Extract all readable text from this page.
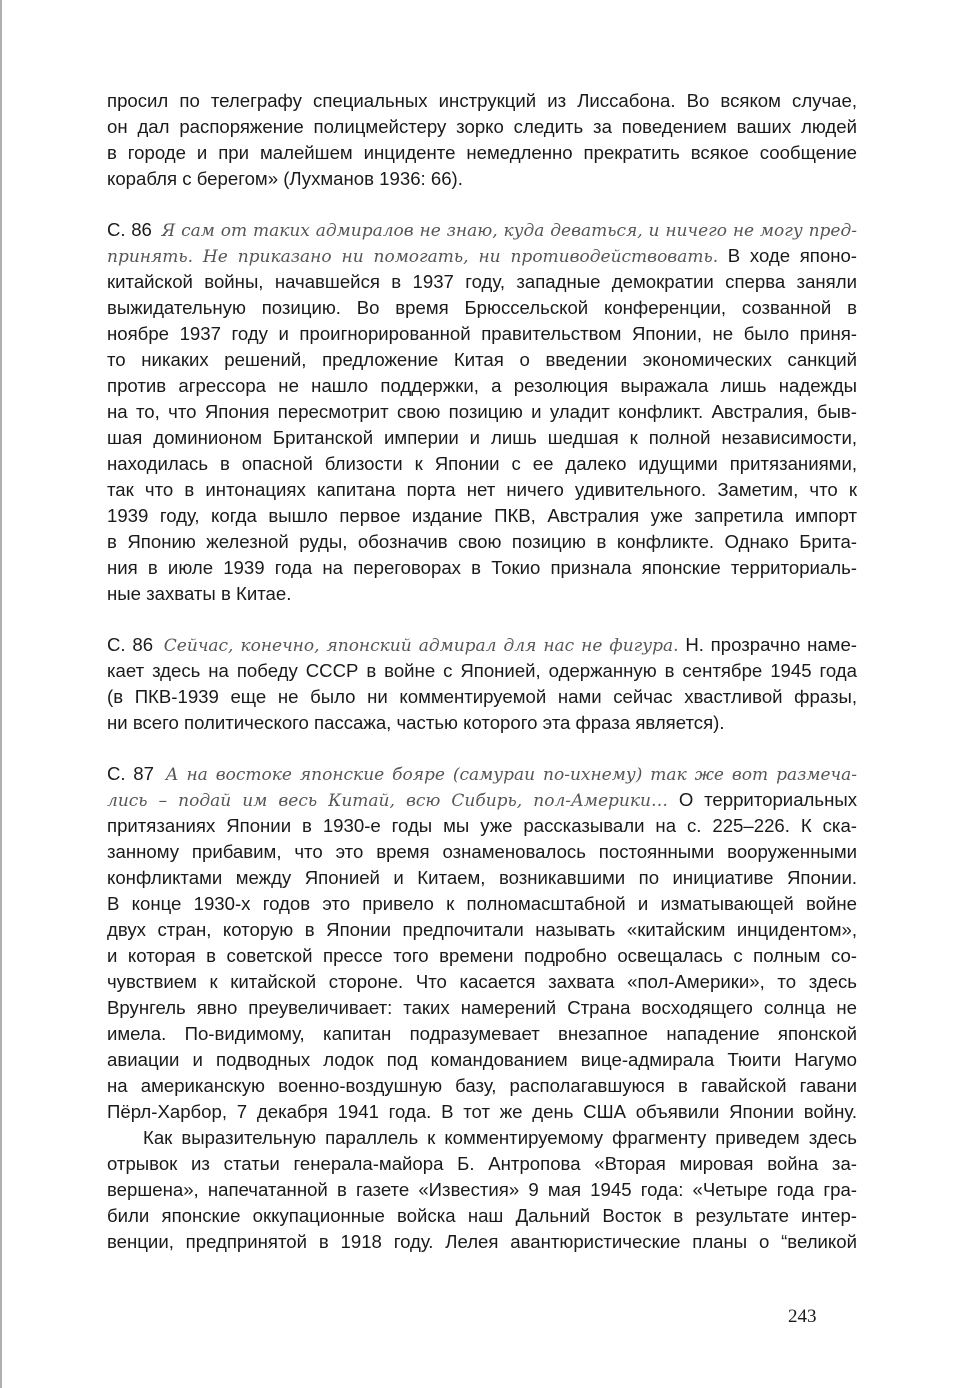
просил по телеграфу специальных инструкций из Лиссабона. Во всяком случае,
он дал распоряжение полицмейстеру зорко следить за поведением ваших людей
в городе и при малейшем инциденте немедленно прекратить всякое сообщение
корабля с берегом» (Лухманов 1936: 66).
С. 86 Я сам от таких адмиралов не знаю, куда деваться, и ничего не могу пред-
принять. Не приказано ни помогать, ни противодействовать. В ходе японо-
китайской войны, начавшейся в 1937 году, западные демократии сперва заняли
выжидательную позицию. Во время Брюссельской конференции, созванной в
ноябре 1937 году и проигнорированной правительством Японии, не было приня-
то никаких решений, предложение Китая о введении экономических санкций
против агрессора не нашло поддержки, а резолюция выражала лишь надежды
на то, что Япония пересмотрит свою позицию и уладит конфликт. Австралия, быв-
шая доминионом Британской империи и лишь шедшая к полной независимости,
находилась в опасной близости к Японии с ее далеко идущими притязаниями,
так что в интонациях капитана порта нет ничего удивительного. Заметим, что к
1939 году, когда вышло первое издание ПКВ, Австралия уже запретила импорт
в Японию железной руды, обозначив свою позицию в конфликте. Однако Брита-
ния в июле 1939 года на переговорах в Токио признала японские территориаль-
ные захваты в Китае.
С. 86 Сейчас, конечно, японский адмирал для нас не фигура. Н. прозрачно наме-
кает здесь на победу СССР в войне с Японией, одержанную в сентябре 1945 года
(в ПКВ-1939 еще не было ни комментируемой нами сейчас хвастливой фразы,
ни всего политического пассажа, частью которого эта фраза является).
С. 87 А на востоке японские бояре (самураи по-ихнему) так же вот размеча-
лись – подай им весь Китай, всю Сибирь, пол-Америки… О территориальных
притязаниях Японии в 1930-е годы мы уже рассказывали на с. 225–226. К ска-
занному прибавим, что это время ознаменовалось постоянными вооруженными
конфликтами между Японией и Китаем, возникавшими по инициативе Японии.
В конце 1930-х годов это привело к полномасштабной и изматывающей войне
двух стран, которую в Японии предпочитали называть «китайским инцидентом»,
и которая в советской прессе того времени подробно освещалась с полным со-
чувствием к китайской стороне. Что касается захвата «пол-Америки», то здесь
Врунгель явно преувеличивает: таких намерений Страна восходящего солнца не
имела. По-видимому, капитан подразумевает внезапное нападение японской
авиации и подводных лодок под командованием вице-адмирала Тюити Нагумо
на американскую военно-воздушную базу, располагавшуюся в гавайской гавани
Пёрл-Харбор, 7 декабря 1941 года. В тот же день США объявили Японии войну.
Как выразительную параллель к комментируемому фрагменту приведем здесь
отрывок из статьи генерала-майора Б. Антропова «Вторая мировая война за-
вершена», напечатанной в газете «Известия» 9 мая 1945 года: «Четыре года гра-
били японские оккупационные войска наш Дальний Восток в результате интер-
венции, предпринятой в 1918 году. Лелея авантюристические планы о “великой
243
